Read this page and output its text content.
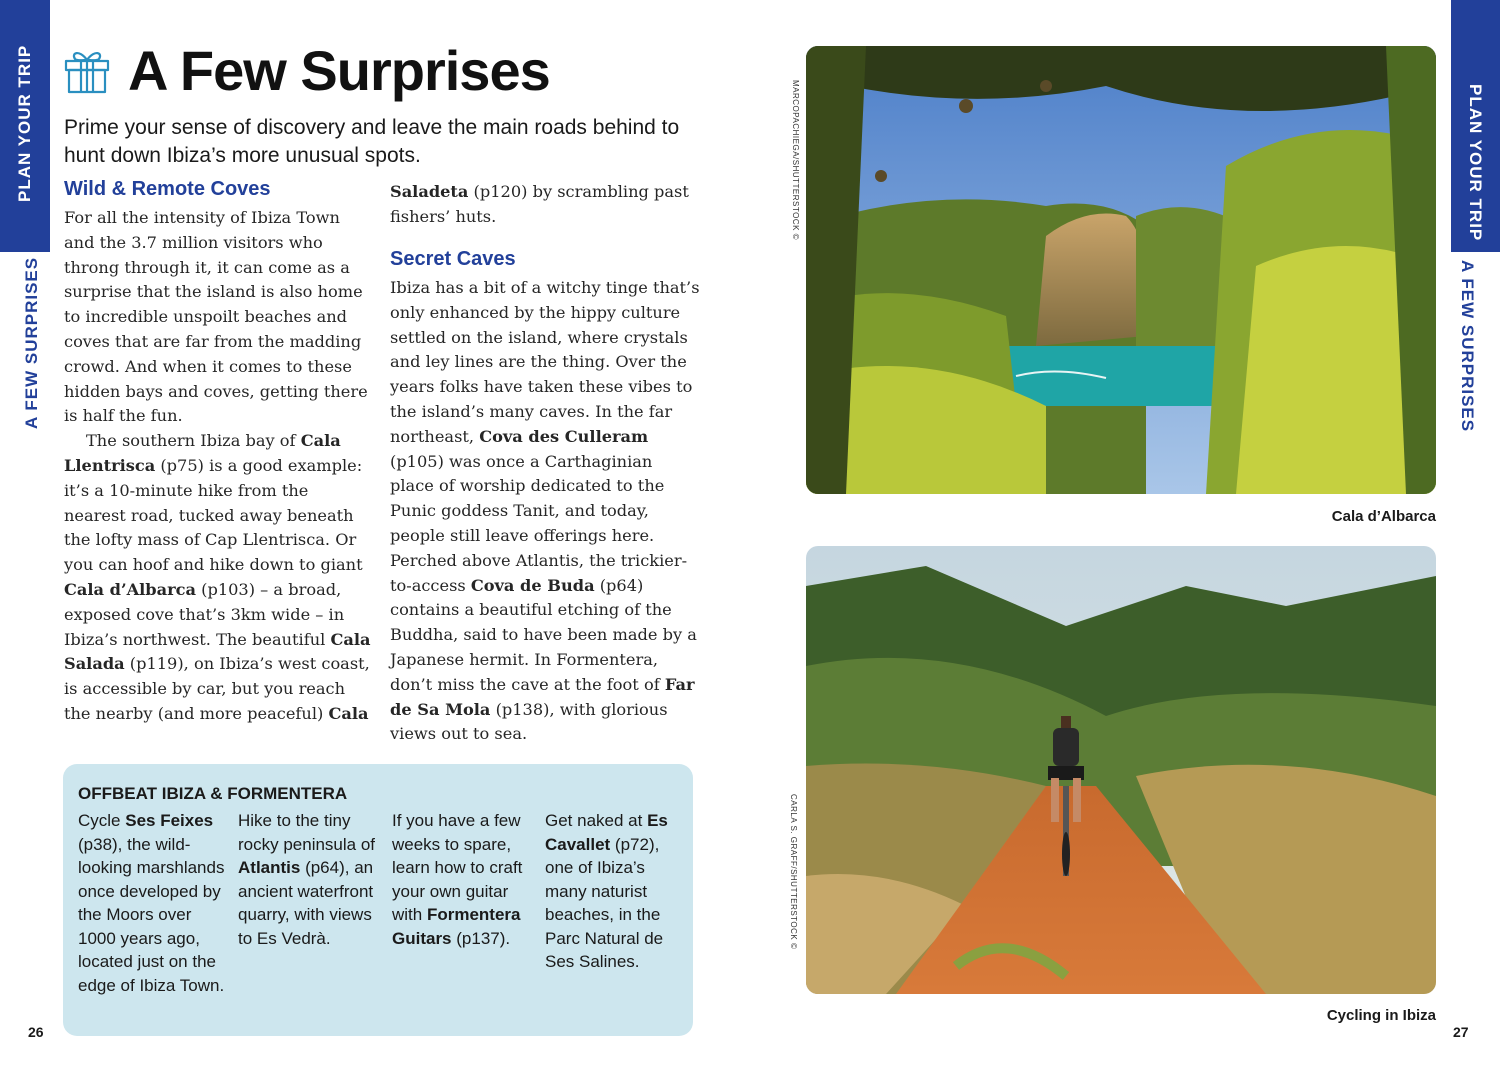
PLAN YOUR TRIP
A FEW SURPRISES
PLAN YOUR TRIP
A FEW SURPRISES
A Few Surprises
Prime your sense of discovery and leave the main roads behind to hunt down Ibiza’s more unusual spots.
Wild & Remote Coves

For all the intensity of Ibiza Town and the 3.7 million visitors who throng through it, it can come as a surprise that the island is also home to incredible unspoilt beaches and coves that are far from the madding crowd. And when it comes to these hidden bays and coves, getting there is half the fun.

The southern Ibiza bay of Cala Llentrisca (p75) is a good example: it’s a 10-minute hike from the nearest road, tucked away beneath the lofty mass of Cap Llentrisca. Or you can hoof and hike down to giant Cala d’Albarca (p103) – a broad, exposed cove that’s 3km wide – in Ibiza’s northwest. The beautiful Cala Salada (p119), on Ibiza’s west coast, is accessible by car, but you reach the nearby (and more peaceful) Cala

Saladeta (p120) by scrambling past fishers’ huts.

Secret Caves

Ibiza has a bit of a witchy tinge that’s only enhanced by the hippy culture settled on the island, where crystals and ley lines are the thing. Over the years folks have taken these vibes to the island’s many caves. In the far northeast, Cova des Culleram (p105) was once a Carthaginian place of worship dedicated to the Punic goddess Tanit, and today, people still leave offerings here. Perched above Atlantis, the trickier-to-access Cova de Buda (p64) contains a beautiful etching of the Buddha, said to have been made by a Japanese hermit. In Formentera, don’t miss the cave at the foot of Far de Sa Mola (p138), with glorious views out to sea.

OFFBEAT IBIZA & FORMENTERA
Cycle Ses Feixes (p38), the wild-looking marshlands once developed by the Moors over 1000 years ago, located just on the edge of Ibiza Town.
Hike to the tiny rocky peninsula of Atlantis (p64), an ancient waterfront quarry, with views to Es Vedrà.
If you have a few weeks to spare, learn how to craft your own guitar with Formentera Guitars (p137).
Get naked at Es Cavallet (p72), one of Ibiza’s many naturist beaches, in the Parc Natural de Ses Salines.
MARCOPACHIEGA/SHUTTERSTOCK ©
Cala d’Albarca
CARLA S. GRAFF/SHUTTERSTOCK ©
Cycling in Ibiza
26	27
